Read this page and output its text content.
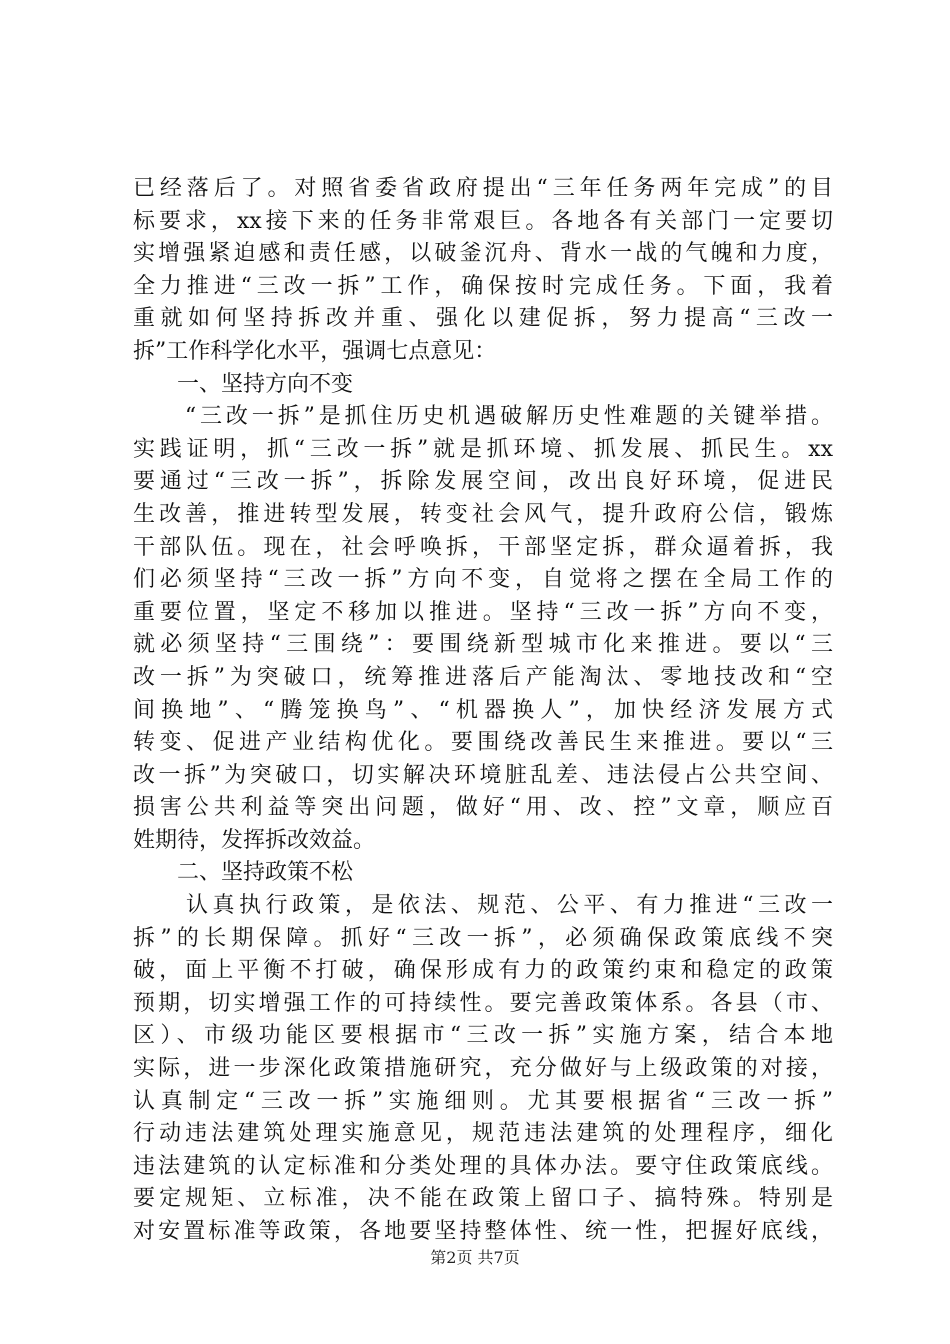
已经落后了。对照省委省政府提出“三年任务两年完成”的目
标要求，xx接下来的任务非常艰巨。各地各有关部门一定要切
实增强紧迫感和责任感，以破釜沉舟、背水一战的气魄和力度，
全力推进“三改一拆”工作，确保按时完成任务。下面，我着
重就如何坚持拆改并重、强化以建促拆，努力提高“三改一
拆”工作科学化水平，强调七点意见：
　　一、坚持方向不变
　　“三改一拆”是抓住历史机遇破解历史性难题的关键举措。
实践证明，抓“三改一拆”就是抓环境、抓发展、抓民生。xx
要通过“三改一拆”，拆除发展空间，改出良好环境，促进民
生改善，推进转型发展，转变社会风气，提升政府公信，锻炼
干部队伍。现在，社会呼唤拆，干部坚定拆，群众逼着拆，我
们必须坚持“三改一拆”方向不变，自觉将之摆在全局工作的
重要位置，坚定不移加以推进。坚持“三改一拆”方向不变，
就必须坚持“三围绕”：要围绕新型城市化来推进。要以“三
改一拆”为突破口，统筹推进落后产能淘汰、零地技改和“空
间换地”、“腾笼换鸟”、“机器换人”，加快经济发展方式
转变、促进产业结构优化。要围绕改善民生来推进。要以“三
改一拆”为突破口，切实解决环境脏乱差、违法侵占公共空间、
损害公共利益等突出问题，做好“用、改、控”文章，顺应百
姓期待，发挥拆改效益。
　　二、坚持政策不松
　　认真执行政策，是依法、规范、公平、有力推进“三改一
拆”的长期保障。抓好“三改一拆”，必须确保政策底线不突
破，面上平衡不打破，确保形成有力的政策约束和稳定的政策
预期，切实增强工作的可持续性。要完善政策体系。各县（市、
区）、市级功能区要根据市“三改一拆”实施方案，结合本地
实际，进一步深化政策措施研究，充分做好与上级政策的对接，
认真制定“三改一拆”实施细则。尤其要根据省“三改一拆”
行动违法建筑处理实施意见，规范违法建筑的处理程序，细化
违法建筑的认定标准和分类处理的具体办法。要守住政策底线。
要定规矩、立标准，决不能在政策上留口子、搞特殊。特别是
对安置标准等政策，各地要坚持整体性、统一性，把握好底线，
第2页 共7页
